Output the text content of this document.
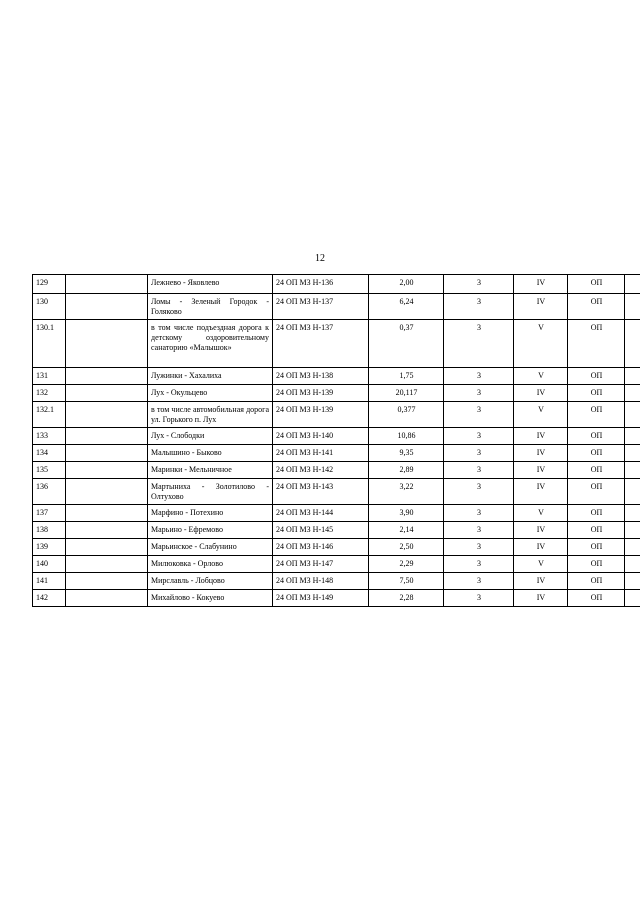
12
129		Лежнево - Яковлево	24 ОП МЗ Н-136	2,00	3	IV	ОП	
130		Ломы - Зеленый Городок - Голяково	24 ОП МЗ Н-137	6,24	3	IV	ОП	
130.1		в том числе подъездная дорога к детскому оздоровительному санаторию «Малышок»	24 ОП МЗ Н-137	0,37	3	V	ОП	
131		Лужинки - Хахалиха	24 ОП МЗ Н-138	1,75	3	V	ОП	
132		Лух - Окульцево	24 ОП МЗ Н-139	20,117	3	IV	ОП	
132.1		в том числе автомобильная дорога ул. Горького п. Лух	24 ОП МЗ Н-139	0,377	3	V	ОП	
133		Лух - Слободки	24 ОП МЗ Н-140	10,86	3	IV	ОП	
134		Малышино - Быково	24 ОП МЗ Н-141	9,35	3	IV	ОП	
135		Маринки - Мельничное	24 ОП МЗ Н-142	2,89	3	IV	ОП	
136		Мартыниха - Золотилово - Олтухово	24 ОП МЗ Н-143	3,22	3	IV	ОП	
137		Марфино - Потехино	24 ОП МЗ Н-144	3,90	3	V	ОП	
138		Марьино - Ефремово	24 ОП МЗ Н-145	2,14	3	IV	ОП	
139		Марьинское - Слабунино	24 ОП МЗ Н-146	2,50	3	IV	ОП	
140		Милюковка - Орлово	24 ОП МЗ Н-147	2,29	3	V	ОП	
141		Мирславль - Лобцово	24 ОП МЗ Н-148	7,50	3	IV	ОП	
142		Михайлово - Кокуево	24 ОП МЗ Н-149	2,28	3	IV	ОП	
